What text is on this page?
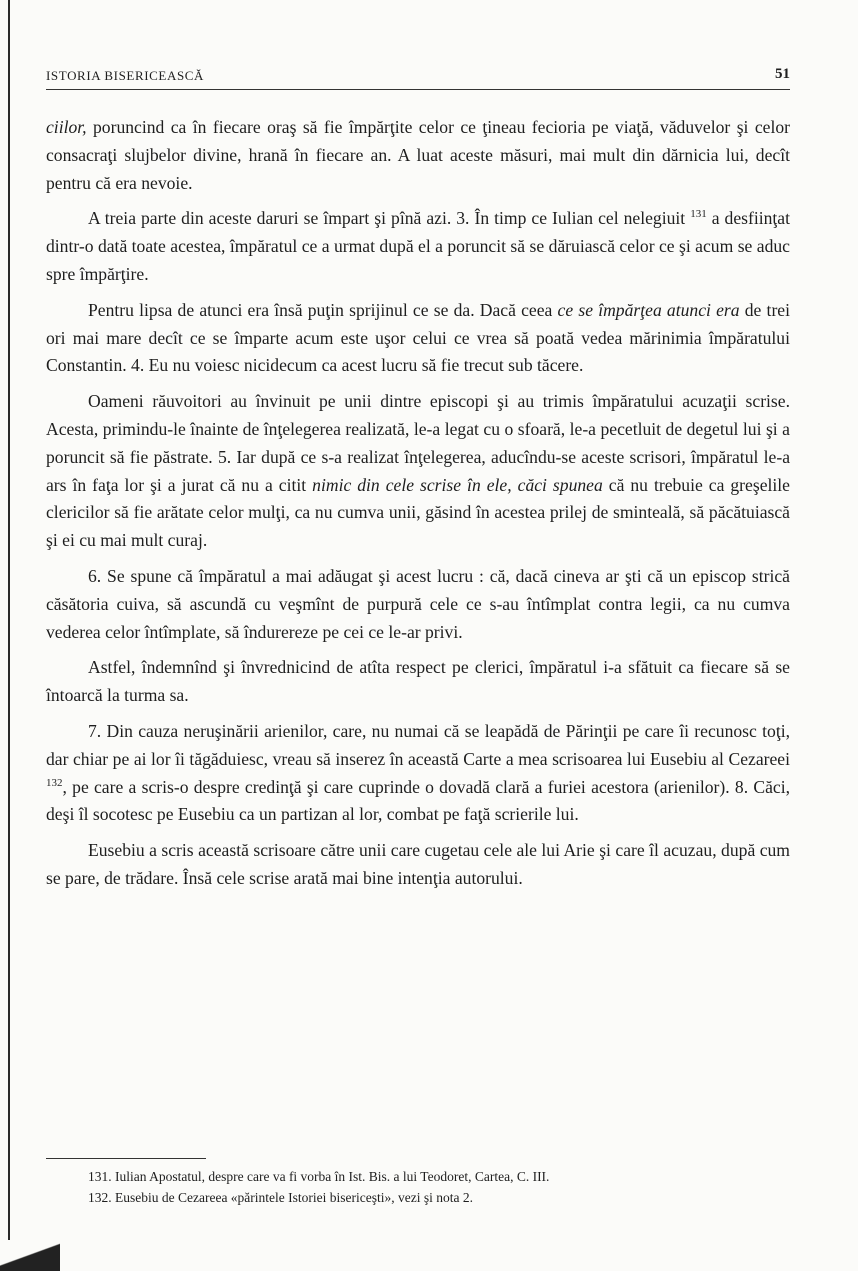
ISTORIA BISERICEASCĂ	51

ciilor, poruncind ca în fiecare oraş să fie împărţite celor ce ţineau fecioria pe viaţă, văduvelor şi celor consacraţi slujbelor divine, hrană în fiecare an. A luat aceste măsuri, mai mult din dărnicia lui, decît pentru că era nevoie.

A treia parte din aceste daruri se împart şi pînă azi. 3. În timp ce Iulian cel nelegiuit $^{131}$ a desfiinţat dintr-o dată toate acestea, împăratul ce a urmat după el a poruncit să se dăruiască celor ce şi acum se aduc spre împărţire.

Pentru lipsa de atunci era însă puţin sprijinul ce se da. Dacă ceea ce se împărţea atunci era de trei ori mai mare decît ce se împarte acum este uşor celui ce vrea să poată vedea mărinimia împăratului Constantin. 4. Eu nu voiesc nicidecum ca acest lucru să fie trecut sub tăcere.

Oameni răuvoitori au învinuit pe unii dintre episcopi şi au trimis împăratului acuzaţii scrise. Acesta, primindu-le înainte de înţelegerea realizată, le-a legat cu o sfoară, le-a pecetluit de degetul lui şi a poruncit să fie păstrate. 5. Iar după ce s-a realizat înţelegerea, aducîndu-se aceste scrisori, împăratul le-a ars în faţa lor şi a jurat că nu a citit nimic din cele scrise în ele, căci spunea că nu trebuie ca greşelile clericilor să fie arătate celor mulţi, ca nu cumva unii, găsind în acestea prilej de sminteală, să păcătuiască şi ei cu mai mult curaj.

6. Se spune că împăratul a mai adăugat şi acest lucru : că, dacă cineva ar şti că un episcop strică căsătoria cuiva, să ascundă cu veşmînt de purpură cele ce s-au întîmplat contra legii, ca nu cumva vederea celor întîmplate, să îndurereze pe cei ce le-ar privi.

Astfel, îndemnînd şi învrednicind de atîta respect pe clerici, împăratul i-a sfătuit ca fiecare să se întoarcă la turma sa.

7. Din cauza neruşinării arienilor, care, nu numai că se leapădă de Părinţii pe care îi recunosc toţi, dar chiar pe ai lor îi tăgăduiesc, vreau să inserez în această Carte a mea scrisoarea lui Eusebiu al Cezareei $^{132}$, pe care a scris-o despre credinţă şi care cuprinde o dovadă clară a furiei acestora (arienilor). 8. Căci, deşi îl socotesc pe Eusebiu ca un partizan al lor, combat pe faţă scrierile lui.

Eusebiu a scris această scrisoare către unii care cugetau cele ale lui Arie şi care îl acuzau, după cum se pare, de trădare. Însă cele scrise arată mai bine intenţia autorului.

131. Iulian Apostatul, despre care va fi vorba în Ist. Bis. a lui Teodoret, Cartea, C. III.

132. Eusebiu de Cezareea «părintele Istoriei bisericeşti», vezi şi nota 2.
